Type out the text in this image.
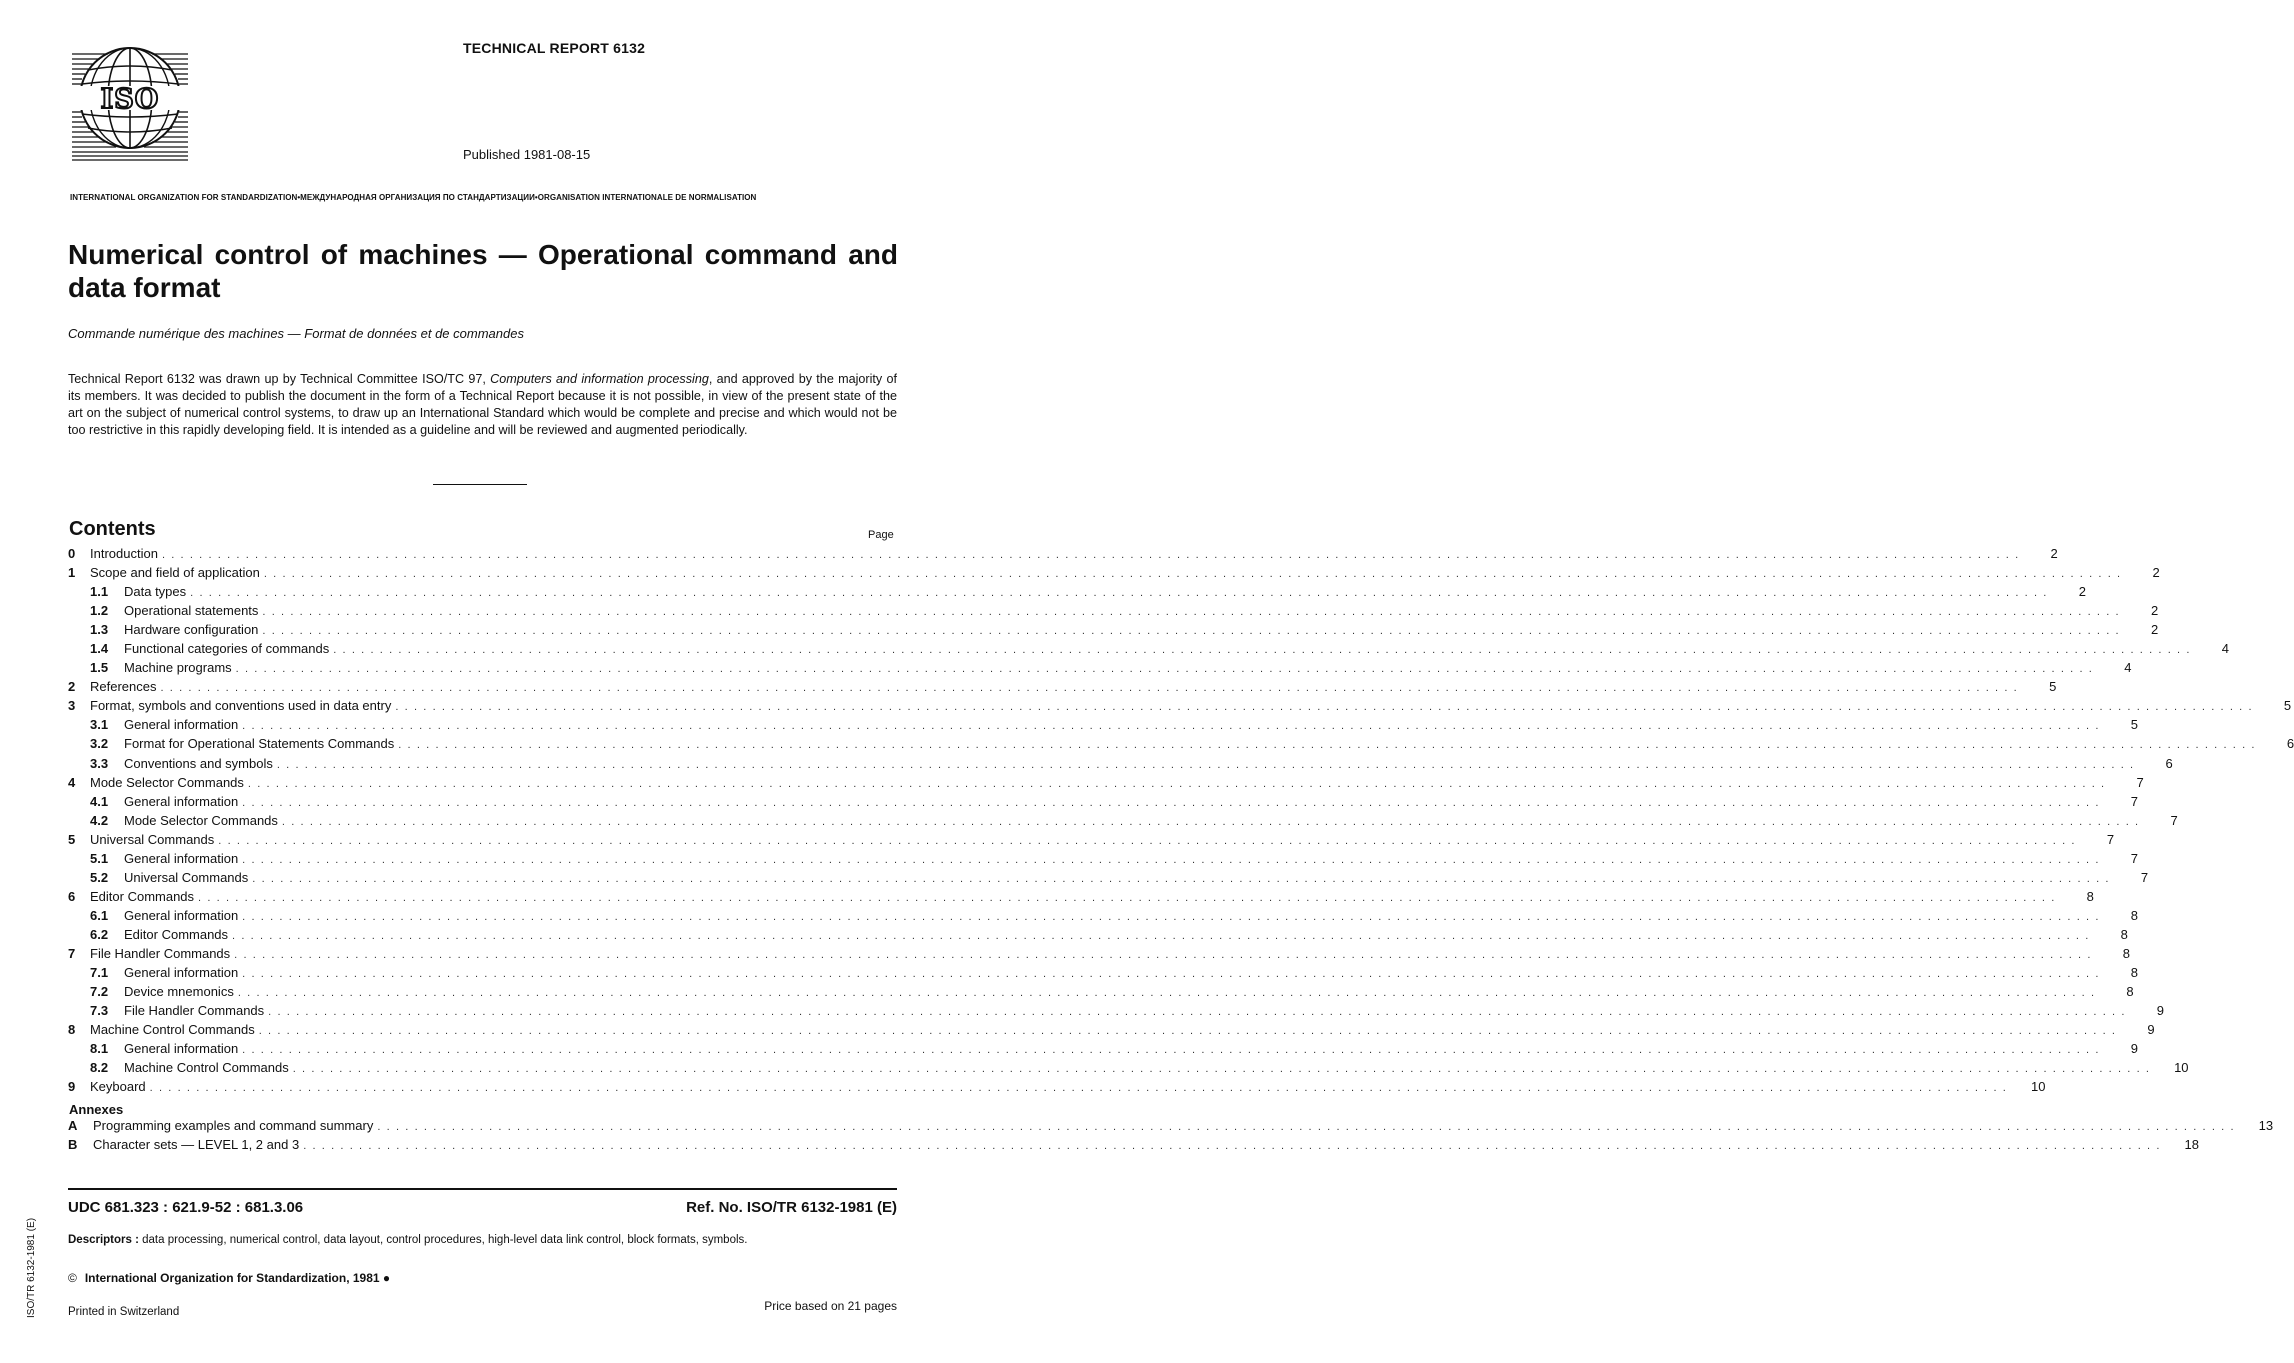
ISO
TECHNICAL REPORT 6132
Published 1981-08-15
INTERNATIONAL ORGANIZATION FOR STANDARDIZATION•МЕЖДУНАРОДНАЯ ОРГАНИЗАЦИЯ ПО СТАНДАРТИЗАЦИИ•ORGANISATION INTERNATIONALE DE NORMALISATION
Numerical control of machines — Operational command and data format
Commande numérique des machines — Format de données et de commandes
Technical Report 6132 was drawn up by Technical Committee ISO/TC 97, Computers and information processing, and approved by the majority of its members. It was decided to publish the document in the form of a Technical Report because it is not possible, in view of the present state of the art on the subject of numerical control systems, to draw up an International Standard which would be complete and precise and which would not be too restrictive in this rapidly developing field. It is intended as a guideline and will be reviewed and augmented periodically.
Contents	Page
0	Introduction . . . . . . . . . . . . . . . . . . . . . . . . . . . . . . . . . . . . . . . . . . . . . . . . . . . . . . . . . . . . . . . . . . . . . . . . . . . . . . . . . . . . . . . . . . . . . . . . . . . . . . . . . . . . . . . . . . . . . . . . . . . . . . . . . . . . . . . . . . . . . . . . . . . . . . . . . . . . . . . . . . . . . . . . . . . . . . . . . . . . . . . . . . . . . . . . . . . . . . . .	2
1	Scope and field of application . . . . . . . . . . . . . . . . . . . . . . . . . . . . . . . . . . . . . . . . . . . . . . . . . . . . . . . . . . . . . . . . . . . . . . . . . . . . . . . . . . . . . . . . . . . . . . . . . . . . . . . . . . . . . . . . . . . . . . . . . . . . . . . . . . . . . . . . . . . . . . . . . . . . . . . . . . . . . . . . . . . . . . . . . . . . . . . . . . . . . . . . . . . . . . . . . . . . . . . .	2
1.1	Data types . . . . . . . . . . . . . . . . . . . . . . . . . . . . . . . . . . . . . . . . . . . . . . . . . . . . . . . . . . . . . . . . . . . . . . . . . . . . . . . . . . . . . . . . . . . . . . . . . . . . . . . . . . . . . . . . . . . . . . . . . . . . . . . . . . . . . . . . . . . . . . . . . . . . . . . . . . . . . . . . . . . . . . . . . . . . . . . . . . . . . . . . . . . . . . . . . . . . . . . .	2
1.2	Operational statements . . . . . . . . . . . . . . . . . . . . . . . . . . . . . . . . . . . . . . . . . . . . . . . . . . . . . . . . . . . . . . . . . . . . . . . . . . . . . . . . . . . . . . . . . . . . . . . . . . . . . . . . . . . . . . . . . . . . . . . . . . . . . . . . . . . . . . . . . . . . . . . . . . . . . . . . . . . . . . . . . . . . . . . . . . . . . . . . . . . . . . . . . . . . . . . . . . . . . . . .	2
1.3	Hardware configuration . . . . . . . . . . . . . . . . . . . . . . . . . . . . . . . . . . . . . . . . . . . . . . . . . . . . . . . . . . . . . . . . . . . . . . . . . . . . . . . . . . . . . . . . . . . . . . . . . . . . . . . . . . . . . . . . . . . . . . . . . . . . . . . . . . . . . . . . . . . . . . . . . . . . . . . . . . . . . . . . . . . . . . . . . . . . . . . . . . . . . . . . . . . . . . . . . . . . . . . .	2
1.4	Functional categories of commands . . . . . . . . . . . . . . . . . . . . . . . . . . . . . . . . . . . . . . . . . . . . . . . . . . . . . . . . . . . . . . . . . . . . . . . . . . . . . . . . . . . . . . . . . . . . . . . . . . . . . . . . . . . . . . . . . . . . . . . . . . . . . . . . . . . . . . . . . . . . . . . . . . . . . . . . . . . . . . . . . . . . . . . . . . . . . . . . . . . . . . . . . . . . . . . . . . . . . . . .	4
1.5	Machine programs . . . . . . . . . . . . . . . . . . . . . . . . . . . . . . . . . . . . . . . . . . . . . . . . . . . . . . . . . . . . . . . . . . . . . . . . . . . . . . . . . . . . . . . . . . . . . . . . . . . . . . . . . . . . . . . . . . . . . . . . . . . . . . . . . . . . . . . . . . . . . . . . . . . . . . . . . . . . . . . . . . . . . . . . . . . . . . . . . . . . . . . . . . . . . . . . . . . . . . . .	4
2	References . . . . . . . . . . . . . . . . . . . . . . . . . . . . . . . . . . . . . . . . . . . . . . . . . . . . . . . . . . . . . . . . . . . . . . . . . . . . . . . . . . . . . . . . . . . . . . . . . . . . . . . . . . . . . . . . . . . . . . . . . . . . . . . . . . . . . . . . . . . . . . . . . . . . . . . . . . . . . . . . . . . . . . . . . . . . . . . . . . . . . . . . . . . . . . . . . . . . . . . .	5
3	Format, symbols and conventions used in data entry . . . . . . . . . . . . . . . . . . . . . . . . . . . . . . . . . . . . . . . . . . . . . . . . . . . . . . . . . . . . . . . . . . . . . . . . . . . . . . . . . . . . . . . . . . . . . . . . . . . . . . . . . . . . . . . . . . . . . . . . . . . . . . . . . . . . . . . . . . . . . . . . . . . . . . . . . . . . . . . . . . . . . . . . . . . . . . . . . . . . . . . . . . . . . . . . . . . . . . . .	5
3.1	General information . . . . . . . . . . . . . . . . . . . . . . . . . . . . . . . . . . . . . . . . . . . . . . . . . . . . . . . . . . . . . . . . . . . . . . . . . . . . . . . . . . . . . . . . . . . . . . . . . . . . . . . . . . . . . . . . . . . . . . . . . . . . . . . . . . . . . . . . . . . . . . . . . . . . . . . . . . . . . . . . . . . . . . . . . . . . . . . . . . . . . . . . . . . . . . . . . . . . . . . .	5
3.2	Format for Operational Statements Commands . . . . . . . . . . . . . . . . . . . . . . . . . . . . . . . . . . . . . . . . . . . . . . . . . . . . . . . . . . . . . . . . . . . . . . . . . . . . . . . . . . . . . . . . . . . . . . . . . . . . . . . . . . . . . . . . . . . . . . . . . . . . . . . . . . . . . . . . . . . . . . . . . . . . . . . . . . . . . . . . . . . . . . . . . . . . . . . . . . . . . . . . . . . . . . . . . . . . . . . .	6
3.3	Conventions and symbols . . . . . . . . . . . . . . . . . . . . . . . . . . . . . . . . . . . . . . . . . . . . . . . . . . . . . . . . . . . . . . . . . . . . . . . . . . . . . . . . . . . . . . . . . . . . . . . . . . . . . . . . . . . . . . . . . . . . . . . . . . . . . . . . . . . . . . . . . . . . . . . . . . . . . . . . . . . . . . . . . . . . . . . . . . . . . . . . . . . . . . . . . . . . . . . . . . . . . . . .	6
4	Mode Selector Commands . . . . . . . . . . . . . . . . . . . . . . . . . . . . . . . . . . . . . . . . . . . . . . . . . . . . . . . . . . . . . . . . . . . . . . . . . . . . . . . . . . . . . . . . . . . . . . . . . . . . . . . . . . . . . . . . . . . . . . . . . . . . . . . . . . . . . . . . . . . . . . . . . . . . . . . . . . . . . . . . . . . . . . . . . . . . . . . . . . . . . . . . . . . . . . . . . . . . . . . .	7
4.1	General information . . . . . . . . . . . . . . . . . . . . . . . . . . . . . . . . . . . . . . . . . . . . . . . . . . . . . . . . . . . . . . . . . . . . . . . . . . . . . . . . . . . . . . . . . . . . . . . . . . . . . . . . . . . . . . . . . . . . . . . . . . . . . . . . . . . . . . . . . . . . . . . . . . . . . . . . . . . . . . . . . . . . . . . . . . . . . . . . . . . . . . . . . . . . . . . . . . . . . . . .	7
4.2	Mode Selector Commands . . . . . . . . . . . . . . . . . . . . . . . . . . . . . . . . . . . . . . . . . . . . . . . . . . . . . . . . . . . . . . . . . . . . . . . . . . . . . . . . . . . . . . . . . . . . . . . . . . . . . . . . . . . . . . . . . . . . . . . . . . . . . . . . . . . . . . . . . . . . . . . . . . . . . . . . . . . . . . . . . . . . . . . . . . . . . . . . . . . . . . . . . . . . . . . . . . . . . . . .	7
5	Universal Commands . . . . . . . . . . . . . . . . . . . . . . . . . . . . . . . . . . . . . . . . . . . . . . . . . . . . . . . . . . . . . . . . . . . . . . . . . . . . . . . . . . . . . . . . . . . . . . . . . . . . . . . . . . . . . . . . . . . . . . . . . . . . . . . . . . . . . . . . . . . . . . . . . . . . . . . . . . . . . . . . . . . . . . . . . . . . . . . . . . . . . . . . . . . . . . . . . . . . . . . .	7
5.1	General information . . . . . . . . . . . . . . . . . . . . . . . . . . . . . . . . . . . . . . . . . . . . . . . . . . . . . . . . . . . . . . . . . . . . . . . . . . . . . . . . . . . . . . . . . . . . . . . . . . . . . . . . . . . . . . . . . . . . . . . . . . . . . . . . . . . . . . . . . . . . . . . . . . . . . . . . . . . . . . . . . . . . . . . . . . . . . . . . . . . . . . . . . . . . . . . . . . . . . . . .	7
5.2	Universal Commands . . . . . . . . . . . . . . . . . . . . . . . . . . . . . . . . . . . . . . . . . . . . . . . . . . . . . . . . . . . . . . . . . . . . . . . . . . . . . . . . . . . . . . . . . . . . . . . . . . . . . . . . . . . . . . . . . . . . . . . . . . . . . . . . . . . . . . . . . . . . . . . . . . . . . . . . . . . . . . . . . . . . . . . . . . . . . . . . . . . . . . . . . . . . . . . . . . . . . . . .	7
6	Editor Commands . . . . . . . . . . . . . . . . . . . . . . . . . . . . . . . . . . . . . . . . . . . . . . . . . . . . . . . . . . . . . . . . . . . . . . . . . . . . . . . . . . . . . . . . . . . . . . . . . . . . . . . . . . . . . . . . . . . . . . . . . . . . . . . . . . . . . . . . . . . . . . . . . . . . . . . . . . . . . . . . . . . . . . . . . . . . . . . . . . . . . . . . . . . . . . . . . . . . . . . .	8
6.1	General information . . . . . . . . . . . . . . . . . . . . . . . . . . . . . . . . . . . . . . . . . . . . . . . . . . . . . . . . . . . . . . . . . . . . . . . . . . . . . . . . . . . . . . . . . . . . . . . . . . . . . . . . . . . . . . . . . . . . . . . . . . . . . . . . . . . . . . . . . . . . . . . . . . . . . . . . . . . . . . . . . . . . . . . . . . . . . . . . . . . . . . . . . . . . . . . . . . . . . . . .	8
6.2	Editor Commands . . . . . . . . . . . . . . . . . . . . . . . . . . . . . . . . . . . . . . . . . . . . . . . . . . . . . . . . . . . . . . . . . . . . . . . . . . . . . . . . . . . . . . . . . . . . . . . . . . . . . . . . . . . . . . . . . . . . . . . . . . . . . . . . . . . . . . . . . . . . . . . . . . . . . . . . . . . . . . . . . . . . . . . . . . . . . . . . . . . . . . . . . . . . . . . . . . . . . . . .	8
7	File Handler Commands . . . . . . . . . . . . . . . . . . . . . . . . . . . . . . . . . . . . . . . . . . . . . . . . . . . . . . . . . . . . . . . . . . . . . . . . . . . . . . . . . . . . . . . . . . . . . . . . . . . . . . . . . . . . . . . . . . . . . . . . . . . . . . . . . . . . . . . . . . . . . . . . . . . . . . . . . . . . . . . . . . . . . . . . . . . . . . . . . . . . . . . . . . . . . . . . . . . . . . . .	8
7.1	General information . . . . . . . . . . . . . . . . . . . . . . . . . . . . . . . . . . . . . . . . . . . . . . . . . . . . . . . . . . . . . . . . . . . . . . . . . . . . . . . . . . . . . . . . . . . . . . . . . . . . . . . . . . . . . . . . . . . . . . . . . . . . . . . . . . . . . . . . . . . . . . . . . . . . . . . . . . . . . . . . . . . . . . . . . . . . . . . . . . . . . . . . . . . . . . . . . . . . . . . .	8
7.2	Device mnemonics . . . . . . . . . . . . . . . . . . . . . . . . . . . . . . . . . . . . . . . . . . . . . . . . . . . . . . . . . . . . . . . . . . . . . . . . . . . . . . . . . . . . . . . . . . . . . . . . . . . . . . . . . . . . . . . . . . . . . . . . . . . . . . . . . . . . . . . . . . . . . . . . . . . . . . . . . . . . . . . . . . . . . . . . . . . . . . . . . . . . . . . . . . . . . . . . . . . . . . . .	8
7.3	File Handler Commands . . . . . . . . . . . . . . . . . . . . . . . . . . . . . . . . . . . . . . . . . . . . . . . . . . . . . . . . . . . . . . . . . . . . . . . . . . . . . . . . . . . . . . . . . . . . . . . . . . . . . . . . . . . . . . . . . . . . . . . . . . . . . . . . . . . . . . . . . . . . . . . . . . . . . . . . . . . . . . . . . . . . . . . . . . . . . . . . . . . . . . . . . . . . . . . . . . . . . . . .	9
8	Machine Control Commands . . . . . . . . . . . . . . . . . . . . . . . . . . . . . . . . . . . . . . . . . . . . . . . . . . . . . . . . . . . . . . . . . . . . . . . . . . . . . . . . . . . . . . . . . . . . . . . . . . . . . . . . . . . . . . . . . . . . . . . . . . . . . . . . . . . . . . . . . . . . . . . . . . . . . . . . . . . . . . . . . . . . . . . . . . . . . . . . . . . . . . . . . . . . . . . . . . . . . . . .	9
8.1	General information . . . . . . . . . . . . . . . . . . . . . . . . . . . . . . . . . . . . . . . . . . . . . . . . . . . . . . . . . . . . . . . . . . . . . . . . . . . . . . . . . . . . . . . . . . . . . . . . . . . . . . . . . . . . . . . . . . . . . . . . . . . . . . . . . . . . . . . . . . . . . . . . . . . . . . . . . . . . . . . . . . . . . . . . . . . . . . . . . . . . . . . . . . . . . . . . . . . . . . . .	9
8.2	Machine Control Commands . . . . . . . . . . . . . . . . . . . . . . . . . . . . . . . . . . . . . . . . . . . . . . . . . . . . . . . . . . . . . . . . . . . . . . . . . . . . . . . . . . . . . . . . . . . . . . . . . . . . . . . . . . . . . . . . . . . . . . . . . . . . . . . . . . . . . . . . . . . . . . . . . . . . . . . . . . . . . . . . . . . . . . . . . . . . . . . . . . . . . . . . . . . . . . . . . . . . . . . .	10
9	Keyboard . . . . . . . . . . . . . . . . . . . . . . . . . . . . . . . . . . . . . . . . . . . . . . . . . . . . . . . . . . . . . . . . . . . . . . . . . . . . . . . . . . . . . . . . . . . . . . . . . . . . . . . . . . . . . . . . . . . . . . . . . . . . . . . . . . . . . . . . . . . . . . . . . . . . . . . . . . . . . . . . . . . . . . . . . . . . . . . . . . . . . . . . . . . . . . . . . . . . . . . .	10
Annexes
A	Programming examples and command summary . . . . . . . . . . . . . . . . . . . . . . . . . . . . . . . . . . . . . . . . . . . . . . . . . . . . . . . . . . . . . . . . . . . . . . . . . . . . . . . . . . . . . . . . . . . . . . . . . . . . . . . . . . . . . . . . . . . . . . . . . . . . . . . . . . . . . . . . . . . . . . . . . . . . . . . . . . . . . . . . . . . . . . . . . . . . . . . . . . . . . . . . . . . . . . . . . . . . . . . .	13
B	Character sets — LEVEL 1, 2 and 3 . . . . . . . . . . . . . . . . . . . . . . . . . . . . . . . . . . . . . . . . . . . . . . . . . . . . . . . . . . . . . . . . . . . . . . . . . . . . . . . . . . . . . . . . . . . . . . . . . . . . . . . . . . . . . . . . . . . . . . . . . . . . . . . . . . . . . . . . . . . . . . . . . . . . . . . . . . . . . . . . . . . . . . . . . . . . . . . . . . . . . . . . . . . . . . . . . . . . . . . .	18
UDC 681.323 : 621.9-52 : 681.3.06	Ref. No. ISO/TR 6132-1981 (E)
Descriptors : data processing, numerical control, data layout, control procedures, high-level data link control, block formats, symbols.
© International Organization for Standardization, 1981 ●
Printed in Switzerland	Price based on 21 pages
ISO/TR 6132-1981 (E)
